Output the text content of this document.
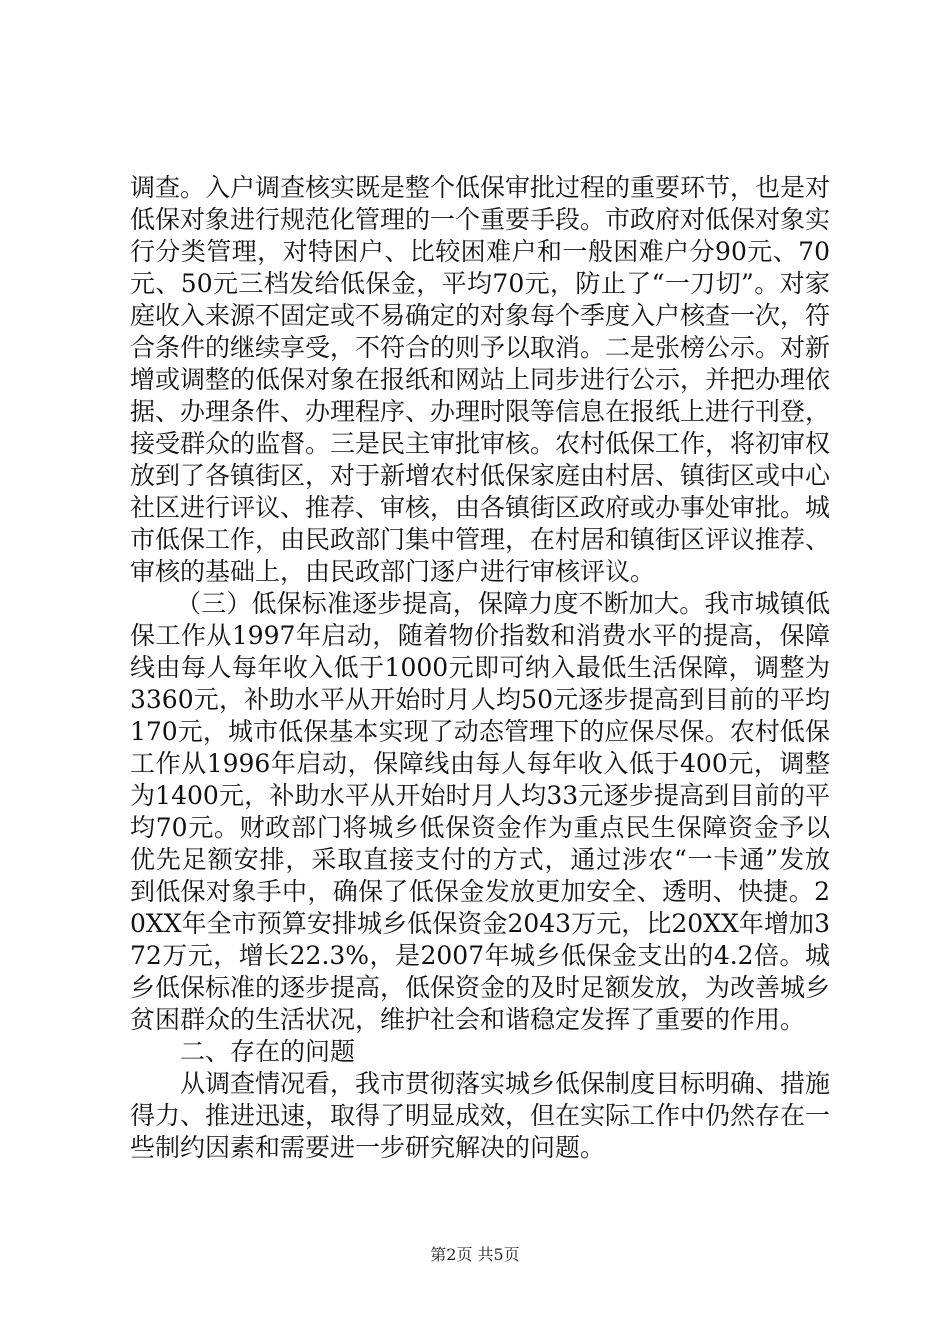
调查。入户调查核实既是整个低保审批过程的重要环节，也是对低保对象进行规范化管理的一个重要手段。市政府对低保对象实行分类管理，对特困户、比较困难户和一般困难户分90元、70元、50元三档发给低保金，平均70元，防止了“一刀切”。对家庭收入来源不固定或不易确定的对象每个季度入户核查一次，符合条件的继续享受，不符合的则予以取消。二是张榜公示。对新增或调整的低保对象在报纸和网站上同步进行公示，并把办理依据、办理条件、办理程序、办理时限等信息在报纸上进行刊登，接受群众的监督。三是民主审批审核。农村低保工作，将初审权放到了各镇街区，对于新增农村低保家庭由村居、镇街区或中心社区进行评议、推荐、审核，由各镇街区政府或办事处审批。城市低保工作，由民政部门集中管理，在村居和镇街区评议推荐、审核的基础上，由民政部门逐户进行审核评议。

（三）低保标准逐步提高，保障力度不断加大。我市城镇低保工作从1997年启动，随着物价指数和消费水平的提高，保障线由每人每年收入低于1000元即可纳入最低生活保障，调整为3360元，补助水平从开始时月人均50元逐步提高到目前的平均170元，城市低保基本实现了动态管理下的应保尽保。农村低保工作从1996年启动，保障线由每人每年收入低于400元，调整为1400元，补助水平从开始时月人均33元逐步提高到目前的平均70元。财政部门将城乡低保资金作为重点民生保障资金予以优先足额安排，采取直接支付的方式，通过涉农“一卡通”发放到低保对象手中，确保了低保金发放更加安全、透明、快捷。20XX年全市预算安排城乡低保资金2043万元，比20XX年增加372万元，增长22.3%，是2007年城乡低保金支出的4.2倍。城乡低保标准的逐步提高，低保资金的及时足额发放，为改善城乡贫困群众的生活状况，维护社会和谐稳定发挥了重要的作用。

二、存在的问题

从调查情况看，我市贯彻落实城乡低保制度目标明确、措施得力、推进迅速，取得了明显成效，但在实际工作中仍然存在一些制约因素和需要进一步研究解决的问题。

第2页 共5页
